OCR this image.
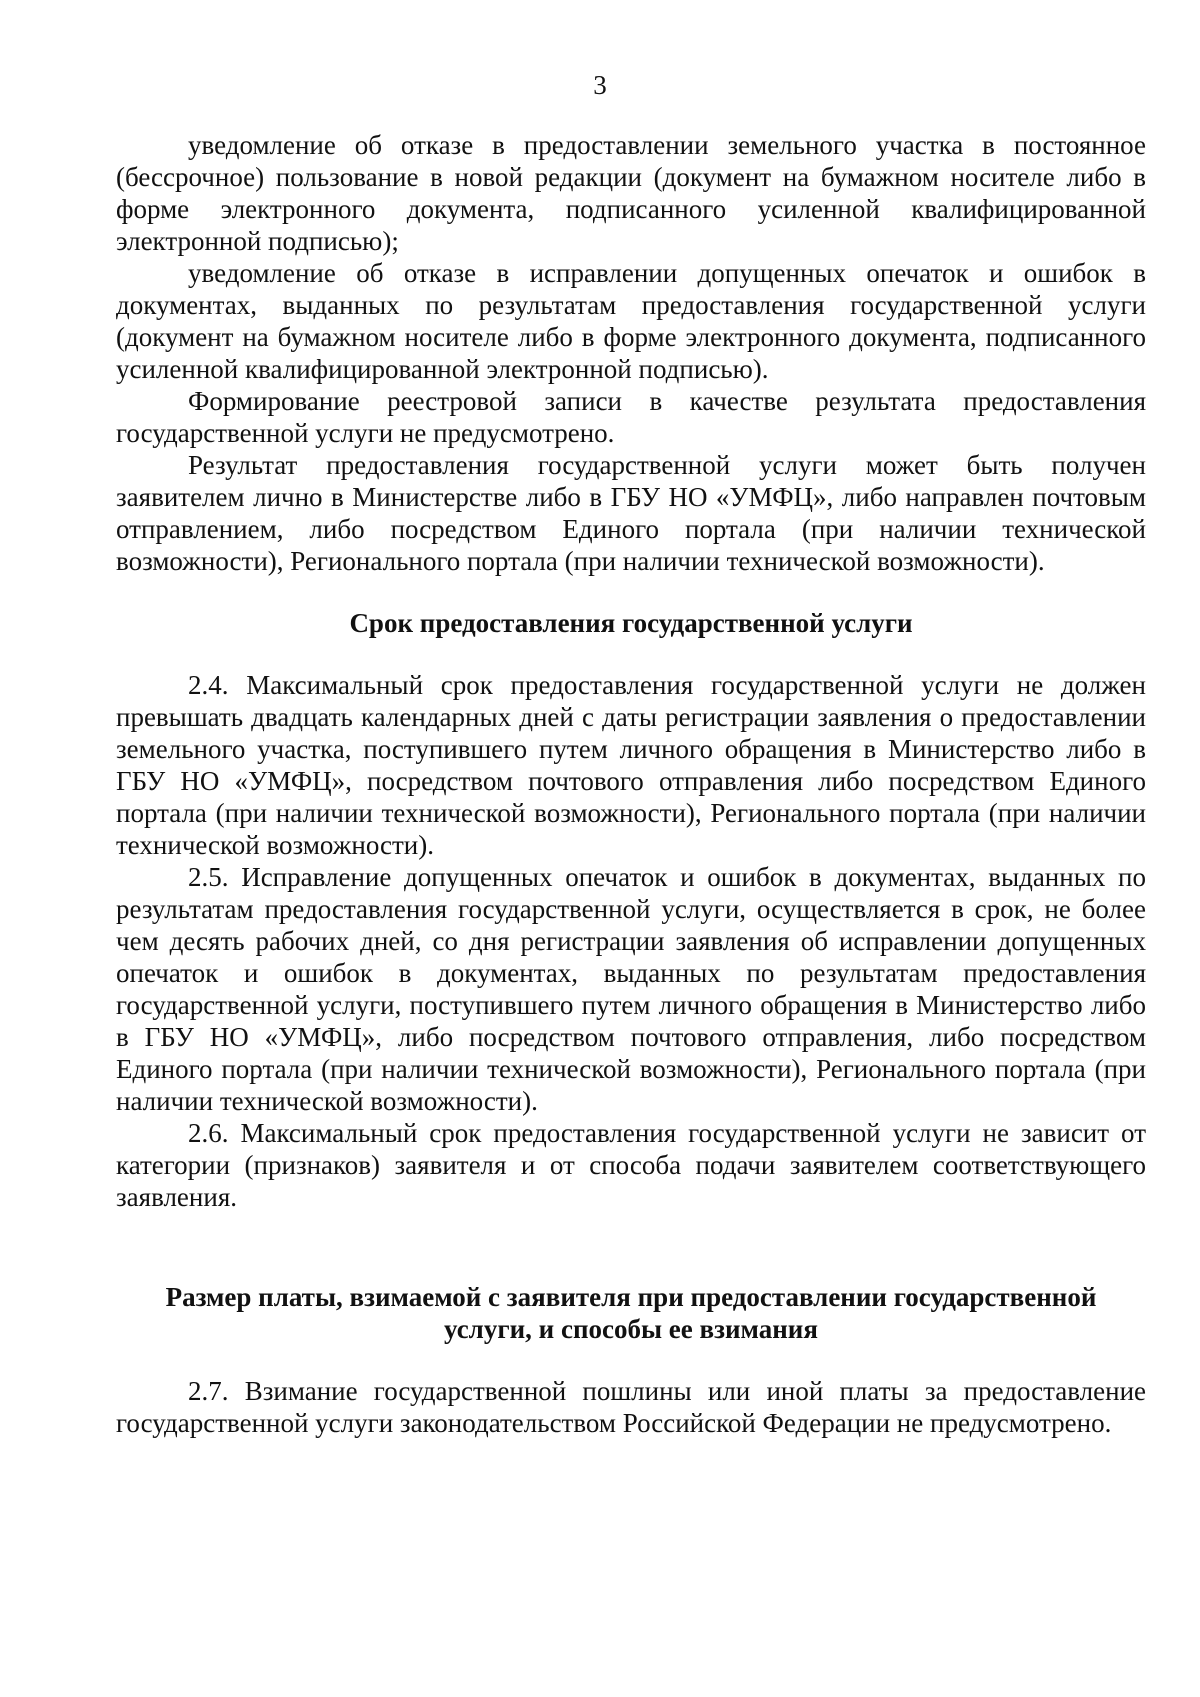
3

уведомление об отказе в предоставлении земельного участка в постоянное (бессрочное) пользование в новой редакции (документ на бумажном носителе либо в форме электронного документа, подписанного усиленной квалифицированной электронной подписью);

уведомление об отказе в исправлении допущенных опечаток и ошибок в документах, выданных по результатам предоставления государственной услуги (документ на бумажном носителе либо в форме электронного документа, подписанного усиленной квалифицированной электронной подписью).

Формирование реестровой записи в качестве результата предоставления государственной услуги не предусмотрено.

Результат предоставления государственной услуги может быть получен заявителем лично в Министерстве либо в ГБУ НО «УМФЦ», либо направлен почтовым отправлением, либо посредством Единого портала (при наличии технической возможности), Регионального портала (при наличии технической возможности).

Срок предоставления государственной услуги

2.4. Максимальный срок предоставления государственной услуги не должен превышать двадцать календарных дней с даты регистрации заявления о предоставлении земельного участка, поступившего путем личного обращения в Министерство либо в ГБУ НО «УМФЦ», посредством почтового отправления либо посредством Единого портала (при наличии технической возможности), Регионального портала (при наличии технической возможности).

2.5. Исправление допущенных опечаток и ошибок в документах, выданных по результатам предоставления государственной услуги, осуществляется в срок, не более чем десять рабочих дней, со дня регистрации заявления об исправлении допущенных опечаток и ошибок в документах, выданных по результатам предоставления государственной услуги, поступившего путем личного обращения в Министерство либо в ГБУ НО «УМФЦ», либо посредством почтового отправления, либо посредством Единого портала (при наличии технической возможности), Регионального портала (при наличии технической возможности).

2.6. Максимальный срок предоставления государственной услуги не зависит от категории (признаков) заявителя и от способа подачи заявителем соответствующего заявления.

Размер платы, взимаемой с заявителя при предоставлении государственной
услуги, и способы ее взимания

2.7. Взимание государственной пошлины или иной платы за предоставление государственной услуги законодательством Российской Федерации не предусмотрено.
